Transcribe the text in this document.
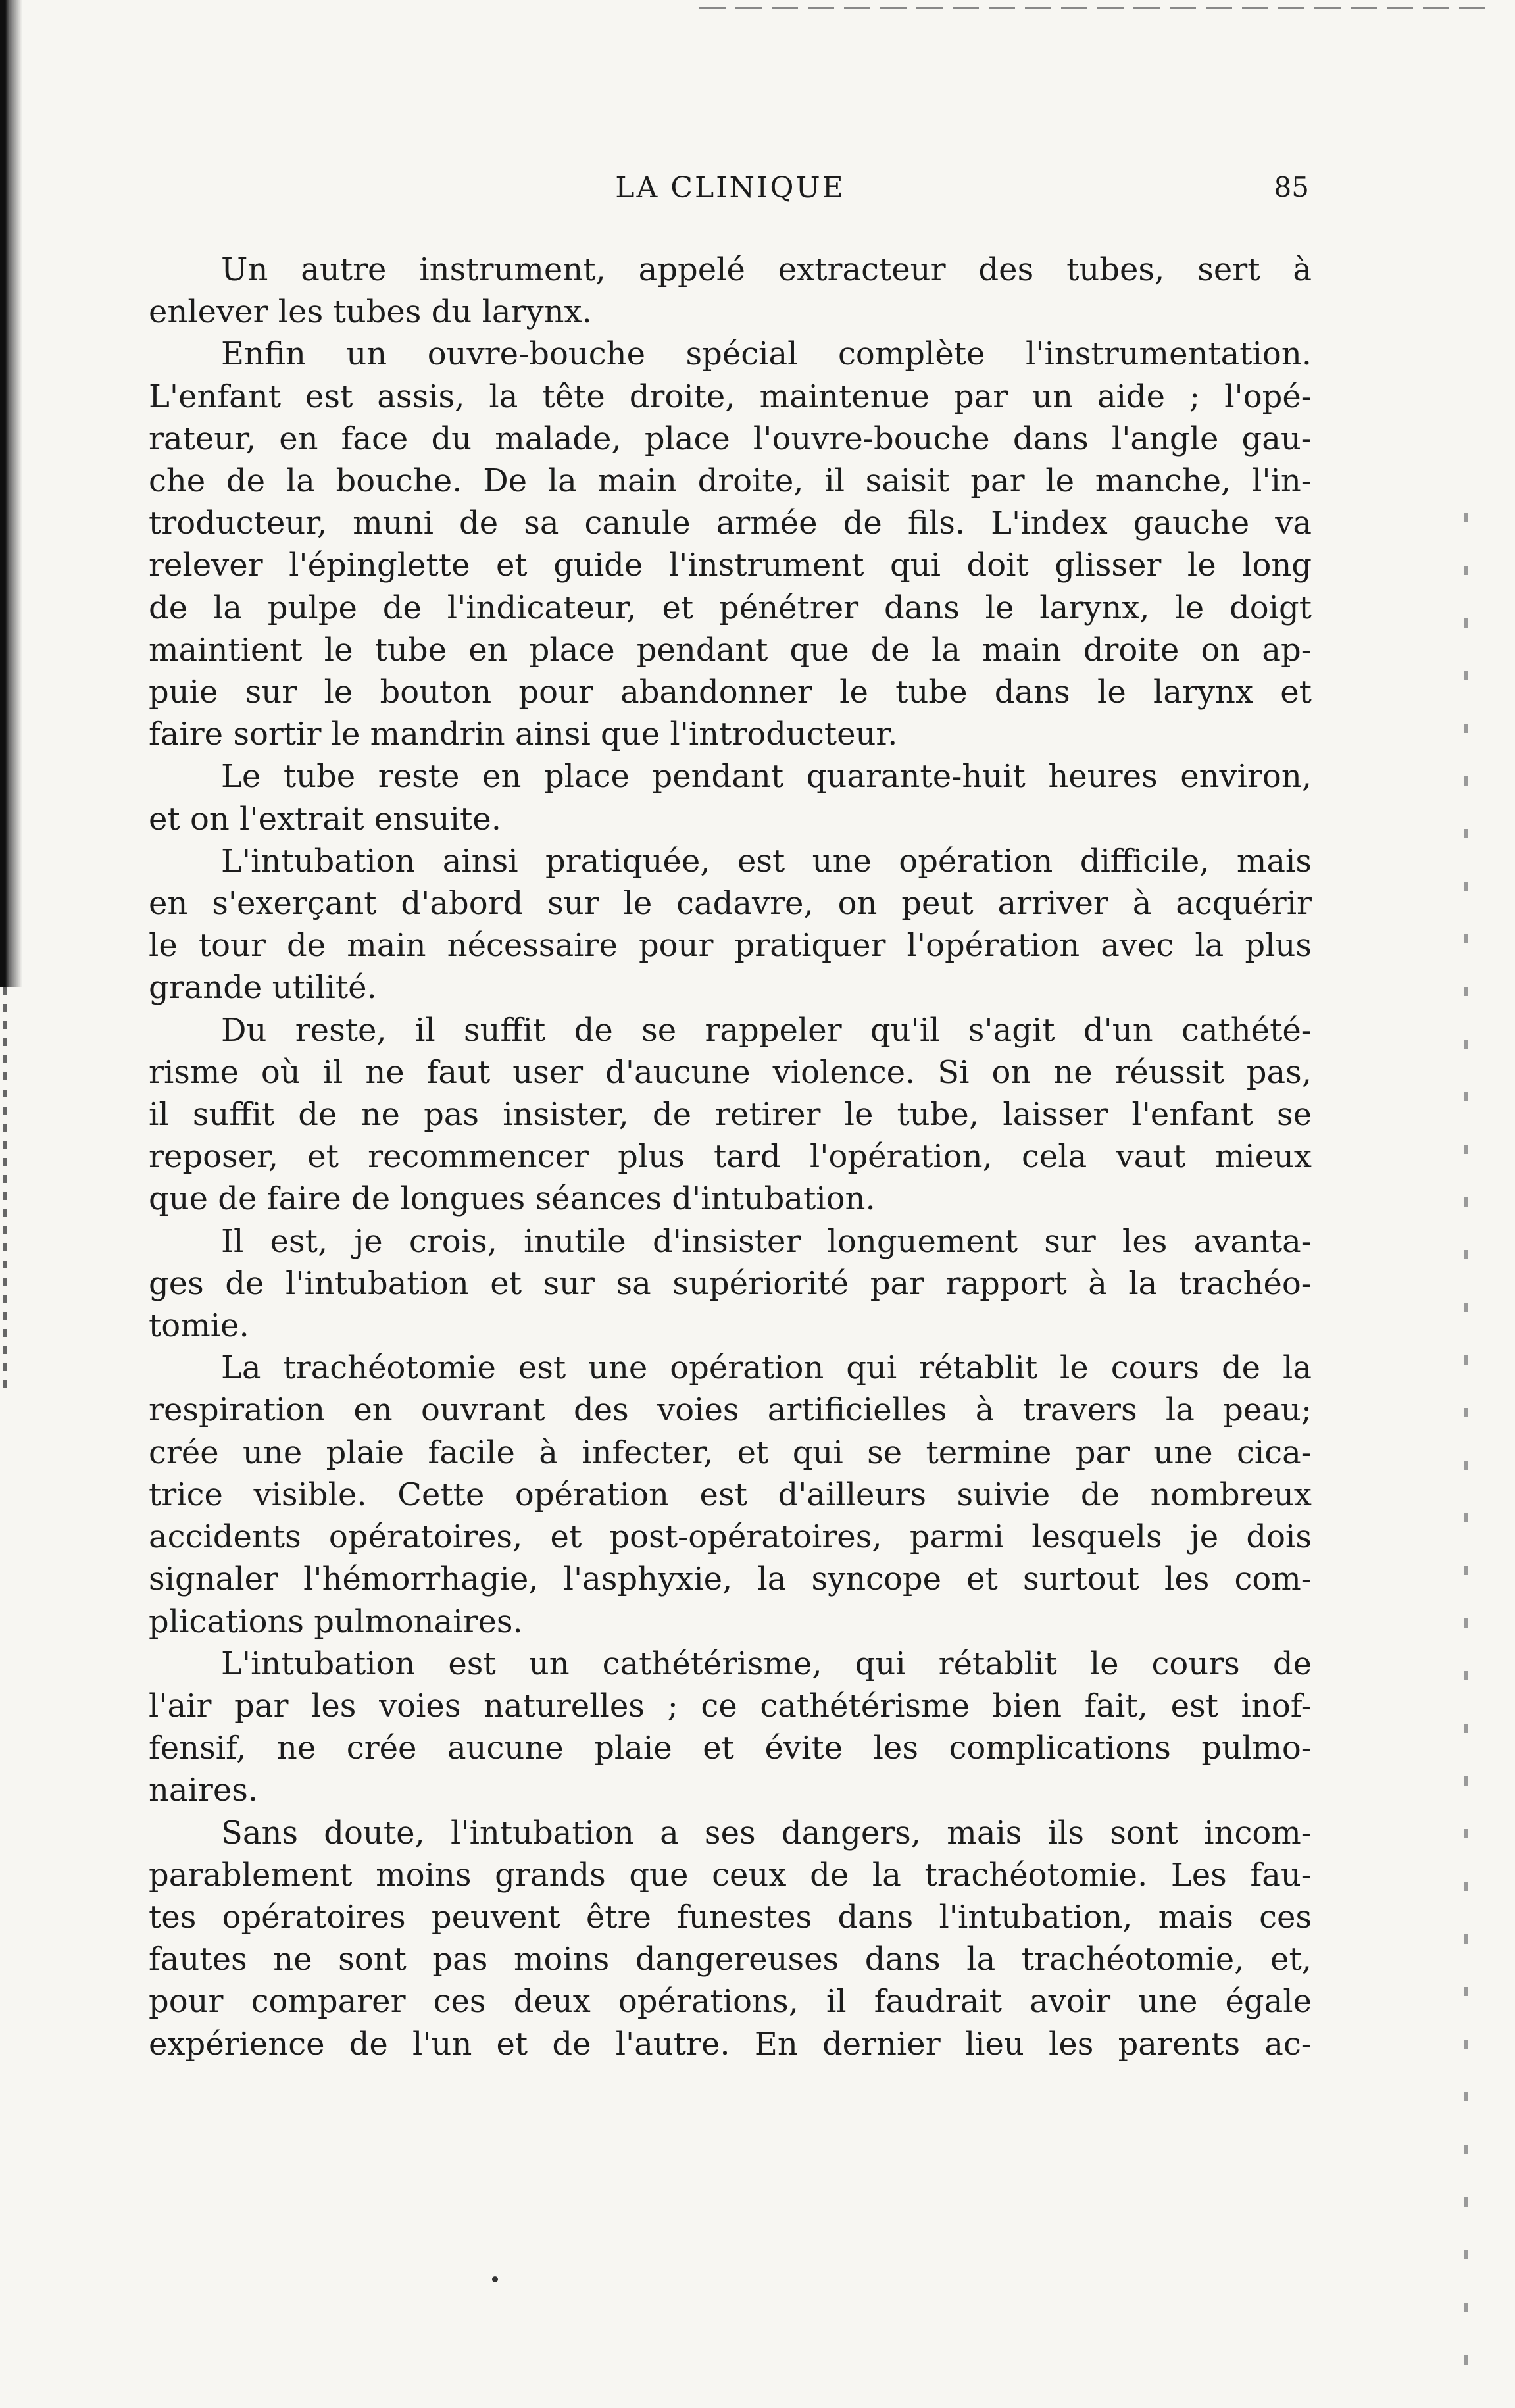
LA CLINIQUE	85
Un autre instrument, appelé extracteur des tubes, sert à
enlever les tubes du larynx.
Enfin un ouvre-bouche spécial complète l'instrumentation.
L'enfant est assis, la tête droite, maintenue par un aide ; l'opé-
rateur, en face du malade, place l'ouvre-bouche dans l'angle gau-
che de la bouche. De la main droite, il saisit par le manche, l'in-
troducteur, muni de sa canule armée de fils. L'index gauche va
relever l'épinglette et guide l'instrument qui doit glisser le long
de la pulpe de l'indicateur, et pénétrer dans le larynx, le doigt
maintient le tube en place pendant que de la main droite on ap-
puie sur le bouton pour abandonner le tube dans le larynx et
faire sortir le mandrin ainsi que l'introducteur.
Le tube reste en place pendant quarante-huit heures environ,
et on l'extrait ensuite.
L'intubation ainsi pratiquée, est une opération difficile, mais
en s'exerçant d'abord sur le cadavre, on peut arriver à acquérir
le tour de main nécessaire pour pratiquer l'opération avec la plus
grande utilité.
Du reste, il suffit de se rappeler qu'il s'agit d'un cathété-
risme où il ne faut user d'aucune violence. Si on ne réussit pas,
il suffit de ne pas insister, de retirer le tube, laisser l'enfant se
reposer, et recommencer plus tard l'opération, cela vaut mieux
que de faire de longues séances d'intubation.
Il est, je crois, inutile d'insister longuement sur les avanta-
ges de l'intubation et sur sa supériorité par rapport à la trachéo-
tomie.
La trachéotomie est une opération qui rétablit le cours de la
respiration en ouvrant des voies artificielles à travers la peau;
crée une plaie facile à infecter, et qui se termine par une cica-
trice visible. Cette opération est d'ailleurs suivie de nombreux
accidents opératoires, et post-opératoires, parmi lesquels je dois
signaler l'hémorrhagie, l'asphyxie, la syncope et surtout les com-
plications pulmonaires.
L'intubation est un cathétérisme, qui rétablit le cours de
l'air par les voies naturelles ; ce cathétérisme bien fait, est inof-
fensif, ne crée aucune plaie et évite les complications pulmo-
naires.
Sans doute, l'intubation a ses dangers, mais ils sont incom-
parablement moins grands que ceux de la trachéotomie. Les fau-
tes opératoires peuvent être funestes dans l'intubation, mais ces
fautes ne sont pas moins dangereuses dans la trachéotomie, et,
pour comparer ces deux opérations, il faudrait avoir une égale
expérience de l'un et de l'autre. En dernier lieu les parents ac-
